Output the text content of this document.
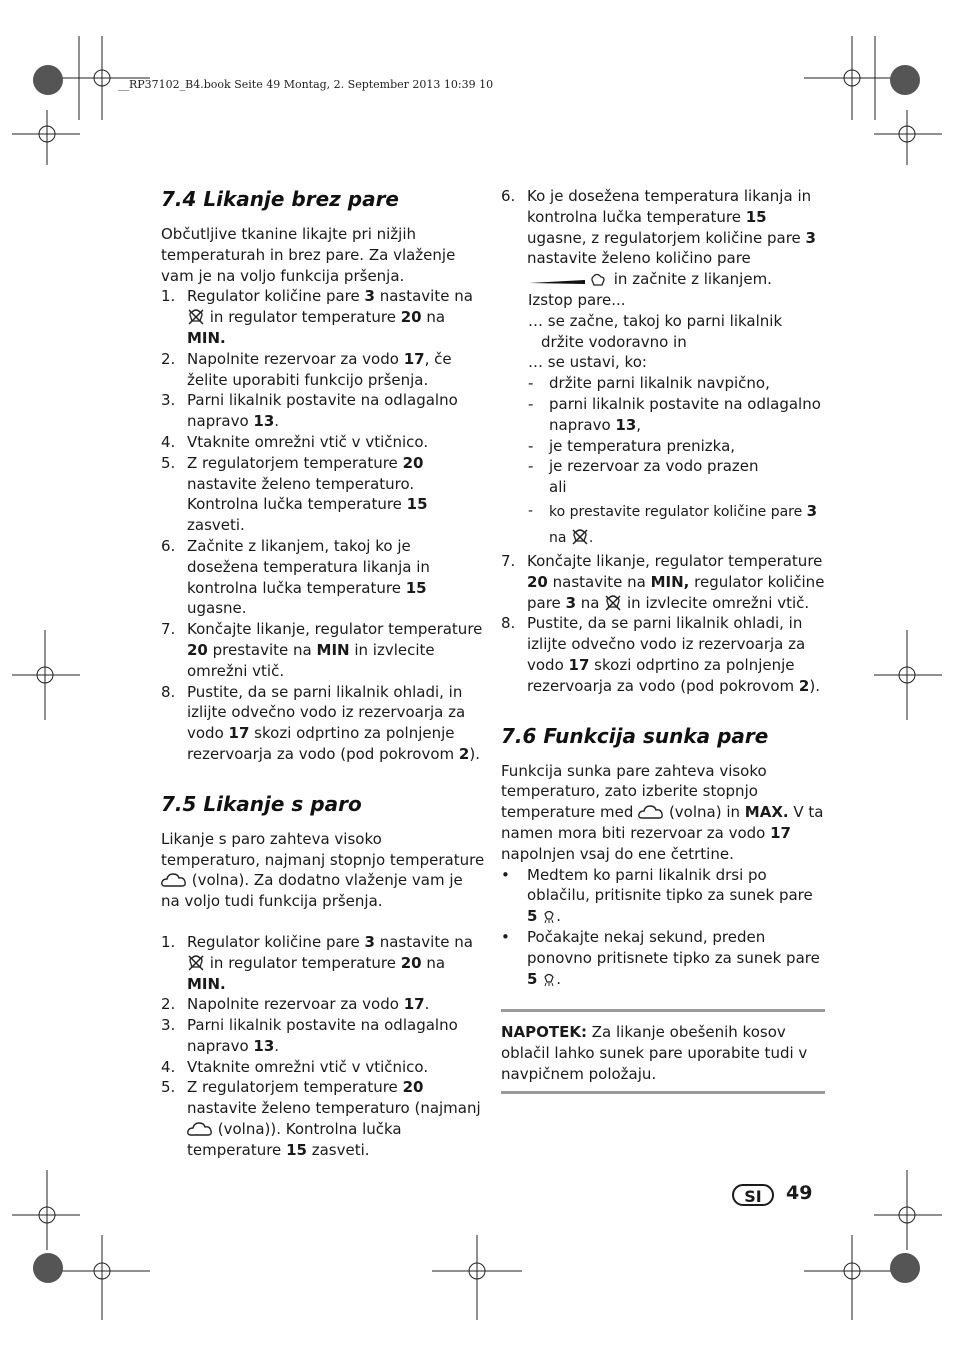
__RP37102_B4.book Seite 49 Montag, 2. September 2013 10:39 10
7.4 Likanje brez pare

Občutljive tkanine likajte pri nižjih temperaturah in brez pare. Za vlaženje vam je na voljo funkcija pršenja.

1. Regulator količine pare 3 nastavite na  in regulator temperature 20 na
MIN.
2. Napolnite rezervoar za vodo 17, če želite uporabiti funkcijo pršenja.
3. Parni likalnik postavite na odlagalno napravo 13.
4. Vtaknite omrežni vtič v vtičnico.
5. Z regulatorjem temperature 20 nastavite želeno temperaturo. Kontrolna lučka temperature 15 zasveti.
6. Začnite z likanjem, takoj ko je dosežena temperatura likanja in kontrolna lučka temperature 15 ugasne.
7. Končajte likanje, regulator temperature 20 prestavite na MIN in izvlecite omrežni vtič.
8. Pustite, da se parni likalnik ohladi, in izlijte odvečno vodo iz rezervoarja za vodo 17 skozi odprtino za polnjenje rezervoarja za vodo (pod pokrovom 2).
7.5 Likanje s paro

Likanje s paro zahteva visoko temperaturo, najmanj stopnjo temperature  (volna). Za dodatno vlaženje vam je na voljo tudi funkcija pršenja.

1. Regulator količine pare 3 nastavite na  in regulator temperature 20 na
MIN.
2. Napolnite rezervoar za vodo 17.
3. Parni likalnik postavite na odlagalno napravo 13.
4. Vtaknite omrežni vtič v vtičnico.
5. Z regulatorjem temperature 20 nastavite želeno temperaturo (najmanj  (volna)). Kontrolna lučka temperature 15 zasveti.
6. Ko je dosežena temperatura likanja in kontrolna lučka temperature 15 ugasne, z regulatorjem količine pare 3 nastavite želeno količino pare  in začnite z likanjem.
Izstop pare...
… se začne, takoj ko parni likalnik držite vodoravno in
… se ustavi, ko:
-	držite parni likalnik navpično,
-	parni likalnik postavite na odlagalno napravo 13,
-	je temperatura prenizka,
-	je rezervoar za vodo prazen
ali
-	ko prestavite regulator količine pare 3
na .
7. Končajte likanje, regulator temperature 20 nastavite na MIN, regulator količine pare 3 na  in izvlecite omrežni vtič.
8. Pustite, da se parni likalnik ohladi, in izlijte odvečno vodo iz rezervoarja za vodo 17 skozi odprtino za polnjenje rezervoarja za vodo (pod pokrovom 2).
7.6 Funkcija sunka pare

Funkcija sunka pare zahteva visoko temperaturo, zato izberite stopnjo temperature med  (volna) in MAX. V ta namen mora biti rezervoar za vodo 17 napolnjen vsaj do ene četrtine.

•	Medtem ko parni likalnik drsi po oblačilu, pritisnite tipko za sunek pare 5 .
•	Počakajte nekaj sekund, preden ponovno pritisnete tipko za sunek pare 5 .
NAPOTEK: Za likanje obešenih kosov oblačil lahko sunek pare uporabite tudi v navpičnem položaju.
SI	49
